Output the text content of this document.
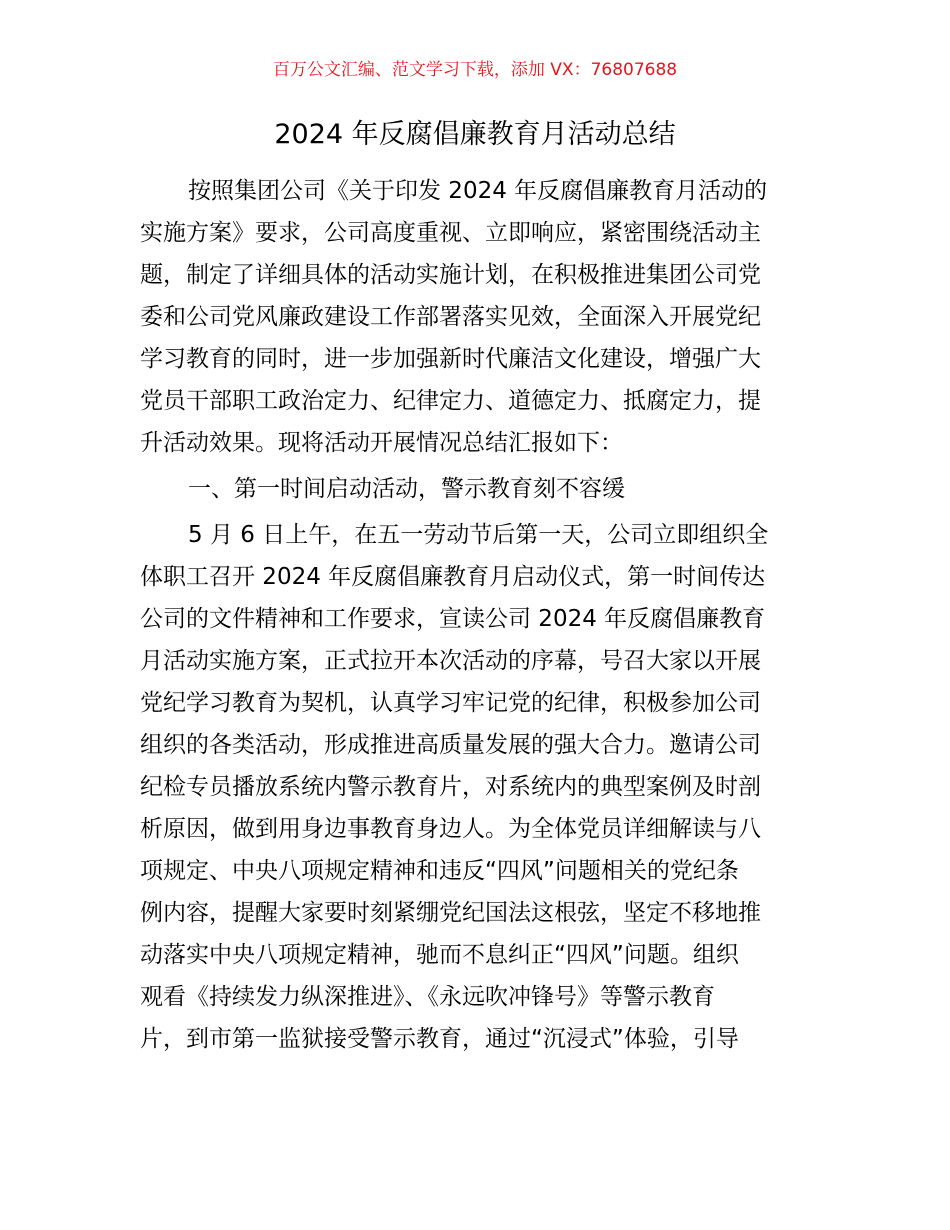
百万公文汇编、范文学习下载，添加 VX：76807688
2024 年反腐倡廉教育月活动总结
按照集团公司《关于印发 2024 年反腐倡廉教育月活动的
实施方案》要求，公司高度重视、立即响应，紧密围绕活动主
题，制定了详细具体的活动实施计划，在积极推进集团公司党
委和公司党风廉政建设工作部署落实见效，全面深入开展党纪
学习教育的同时，进一步加强新时代廉洁文化建设，增强广大
党员干部职工政治定力、纪律定力、道德定力、抵腐定力，提
升活动效果。现将活动开展情况总结汇报如下：
一、第一时间启动活动，警示教育刻不容缓
5 月 6 日上午，在五一劳动节后第一天，公司立即组织全
体职工召开 2024 年反腐倡廉教育月启动仪式，第一时间传达
公司的文件精神和工作要求，宣读公司 2024 年反腐倡廉教育
月活动实施方案，正式拉开本次活动的序幕，号召大家以开展
党纪学习教育为契机，认真学习牢记党的纪律，积极参加公司
组织的各类活动，形成推进高质量发展的强大合力。邀请公司
纪检专员播放系统内警示教育片，对系统内的典型案例及时剖
析原因，做到用身边事教育身边人。为全体党员详细解读与八
项规定、中央八项规定精神和违反“四风”问题相关的党纪条
例内容，提醒大家要时刻紧绷党纪国法这根弦，坚定不移地推
动落实中央八项规定精神，驰而不息纠正“四风”问题。组织
观看《持续发力纵深推进》、《永远吹冲锋号》等警示教育
片，到市第一监狱接受警示教育，通过“沉浸式”体验，引导
